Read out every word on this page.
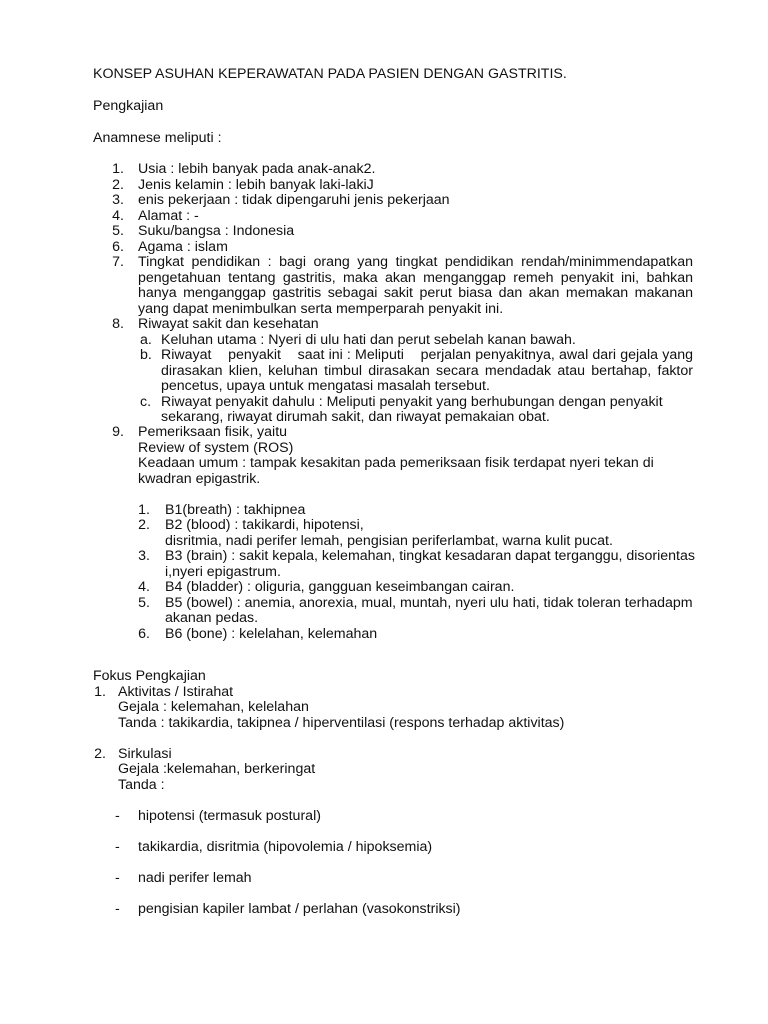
KONSEP ASUHAN KEPERAWATAN PADA PASIEN DENGAN GASTRITIS.
Pengkajian
Anamnese meliputi :
1. Usia : lebih banyak pada anak-anak2.
2. Jenis kelamin : lebih banyak laki-lakiJ
3. enis pekerjaan : tidak dipengaruhi jenis pekerjaan
4. Alamat : -
5. Suku/bangsa : Indonesia
6. Agama : islam
7. Tingkat pendidikan : bagi orang yang tingkat pendidikan rendah/minimmendapatkan
pengetahuan tentang gastritis, maka akan menganggap remeh penyakit ini, bahkan
hanya menganggap gastritis sebagai sakit perut biasa dan akan memakan makanan
yang dapat menimbulkan serta memperparah penyakit ini.
8. Riwayat sakit dan kesehatan
a. Keluhan utama : Nyeri di ulu hati dan perut sebelah kanan bawah.
b. Riwayat    penyakit    saat ini : Meliputi    perjalan penyakitnya, awal dari gejala yang
dirasakan klien, keluhan timbul dirasakan secara mendadak atau bertahap, faktor
pencetus, upaya untuk mengatasi masalah tersebut.
c. Riwayat penyakit dahulu : Meliputi penyakit yang berhubungan dengan penyakit
sekarang, riwayat dirumah sakit, dan riwayat pemakaian obat.
9. Pemeriksaan fisik, yaitu
Review of system (ROS)
Keadaan umum : tampak kesakitan pada pemeriksaan fisik terdapat nyeri tekan di
kwadran epigastrik.
1. B1(breath) : takhipnea
2. B2 (blood) : takikardi, hipotensi,
disritmia, nadi perifer lemah, pengisian periferlambat, warna kulit pucat.
3. B3 (brain) : sakit kepala, kelemahan, tingkat kesadaran dapat terganggu, disorientas
i,nyeri epigastrum.
4. B4 (bladder) : oliguria, gangguan keseimbangan cairan.
5. B5 (bowel) : anemia, anorexia, mual, muntah, nyeri ulu hati, tidak toleran terhadapm
akanan pedas.
6. B6 (bone) : kelelahan, kelemahan
Fokus Pengkajian
1. Aktivitas / Istirahat
Gejala : kelemahan, kelelahan
Tanda : takikardia, takipnea / hiperventilasi (respons terhadap aktivitas)
2. Sirkulasi
Gejala :kelemahan, berkeringat
Tanda :
- hipotensi (termasuk postural)
- takikardia, disritmia (hipovolemia / hipoksemia)
- nadi perifer lemah
- pengisian kapiler lambat / perlahan (vasokonstriksi)
